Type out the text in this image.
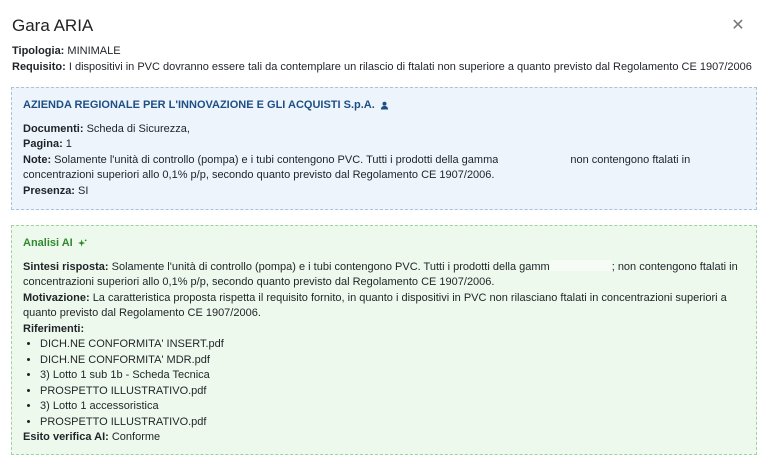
Gara ARIA	✕
Tipologia: MINIMALE
Requisito: I dispositivi in PVC dovranno essere tali da contemplare un rilascio di ftalati non superiore a quanto previsto dal Regolamento CE 1907/2006
AZIENDA REGIONALE PER L'INNOVAZIONE E GLI ACQUISTI S.p.A.
Documenti: Scheda di Sicurezza,
Pagina: 1
Note: Solamente l'unità di controllo (pompa) e i tubi contengono PVC. Tutti i prodotti della gamma	non contengono ftalati in concentrazioni superiori allo 0,1% p/p, secondo quanto previsto dal Regolamento CE 1907/2006.
Presenza: SI
Analisi AI
Sintesi risposta: Solamente l'unità di controllo (pompa) e i tubi contengono PVC. Tutti i prodotti della gamm	; non contengono ftalati in concentrazioni superiori allo 0,1% p/p, secondo quanto previsto dal Regolamento CE 1907/2006.
Motivazione: La caratteristica proposta rispetta il requisito fornito, in quanto i dispositivi in PVC non rilasciano ftalati in concentrazioni superiori a quanto previsto dal Regolamento CE 1907/2006.
Riferimenti:
• DICH.NE CONFORMITA' INSERT.pdf
• DICH.NE CONFORMITA' MDR.pdf
• 3) Lotto 1 sub 1b - Scheda Tecnica
• PROSPETTO ILLUSTRATIVO.pdf
• 3) Lotto 1 accessoristica
• PROSPETTO ILLUSTRATIVO.pdf
Esito verifica AI: Conforme
